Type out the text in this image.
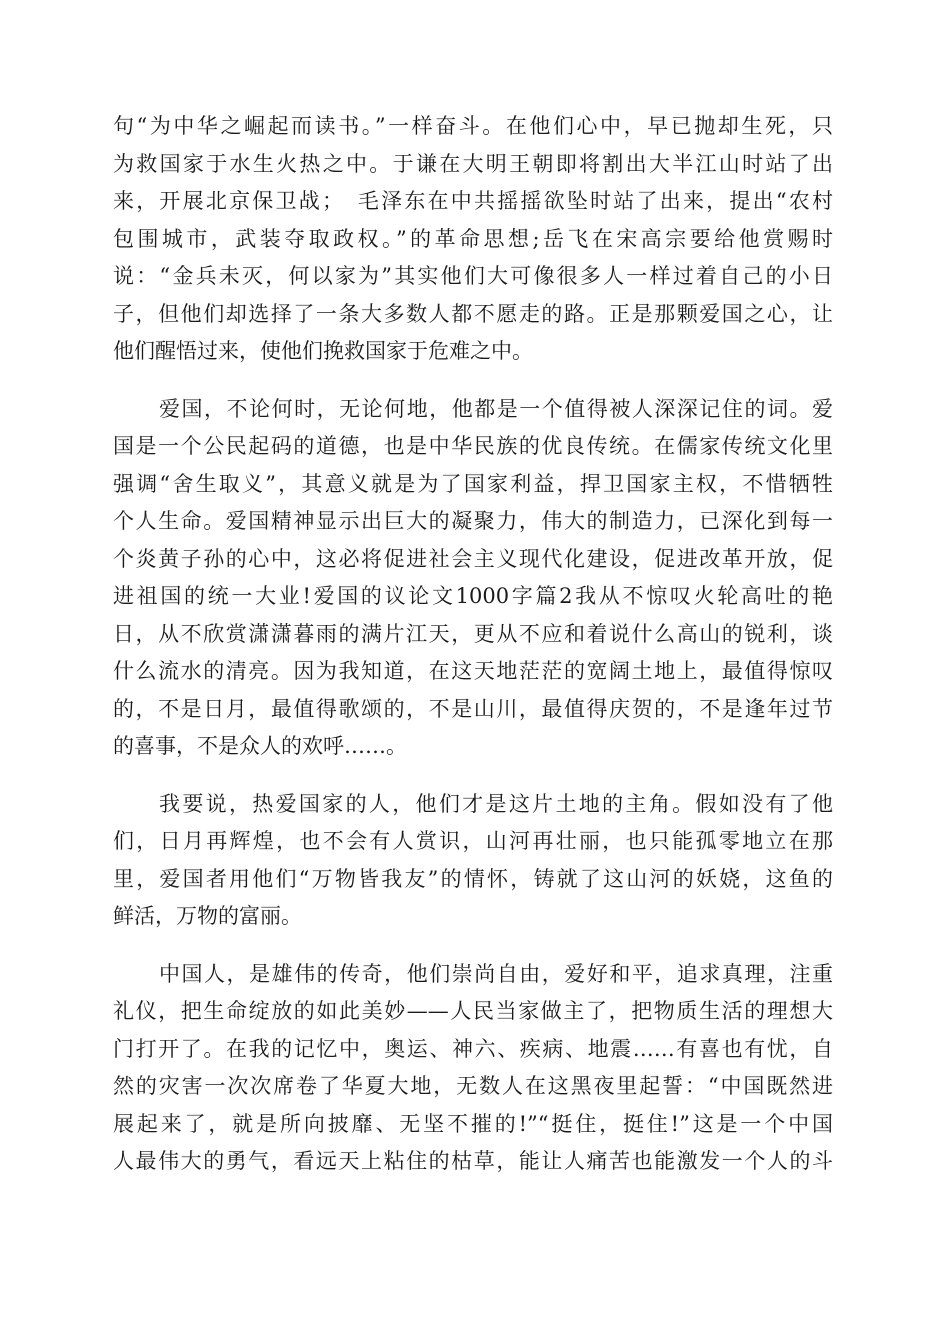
句“为中华之崛起而读书。”一样奋斗。在他们心中，早已抛却生死，只
为救国家于水生火热之中。于谦在大明王朝即将割出大半江山时站了出
来，开展北京保卫战；　毛泽东在中共摇摇欲坠时站了出来，提出“农村
包围城市，武装夺取政权。”的革命思想;岳飞在宋高宗要给他赏赐时
说：“金兵未灭，何以家为”其实他们大可像很多人一样过着自己的小日
子，但他们却选择了一条大多数人都不愿走的路。正是那颗爱国之心，让
他们醒悟过来，使他们挽救国家于危难之中。
爱国，不论何时，无论何地，他都是一个值得被人深深记住的词。爱
国是一个公民起码的道德，也是中华民族的优良传统。在儒家传统文化里
强调“舍生取义”，其意义就是为了国家利益，捍卫国家主权，不惜牺牲
个人生命。爱国精神显示出巨大的凝聚力，伟大的制造力，已深化到每一
个炎黄子孙的心中，这必将促进社会主义现代化建设，促进改革开放，促
进祖国的统一大业!爱国的议论文1000字篇2我从不惊叹火轮高吐的艳
日，从不欣赏潇潇暮雨的满片江天，更从不应和着说什么高山的锐利，谈
什么流水的清亮。因为我知道，在这天地茫茫的宽阔土地上，最值得惊叹
的，不是日月，最值得歌颂的，不是山川，最值得庆贺的，不是逢年过节
的喜事，不是众人的欢呼……。
我要说，热爱国家的人，他们才是这片土地的主角。假如没有了他
们，日月再辉煌，也不会有人赏识，山河再壮丽，也只能孤零地立在那
里，爱国者用他们“万物皆我友”的情怀，铸就了这山河的妖娆，这鱼的
鲜活，万物的富丽。
中国人，是雄伟的传奇，他们崇尚自由，爱好和平，追求真理，注重
礼仪，把生命绽放的如此美妙——人民当家做主了，把物质生活的理想大
门打开了。在我的记忆中，奥运、神六、疾病、地震……有喜也有忧，自
然的灾害一次次席卷了华夏大地，无数人在这黑夜里起誓：“中国既然进
展起来了，就是所向披靡、无坚不摧的!”“挺住，挺住!”这是一个中国
人最伟大的勇气，看远天上粘住的枯草，能让人痛苦也能激发一个人的斗
